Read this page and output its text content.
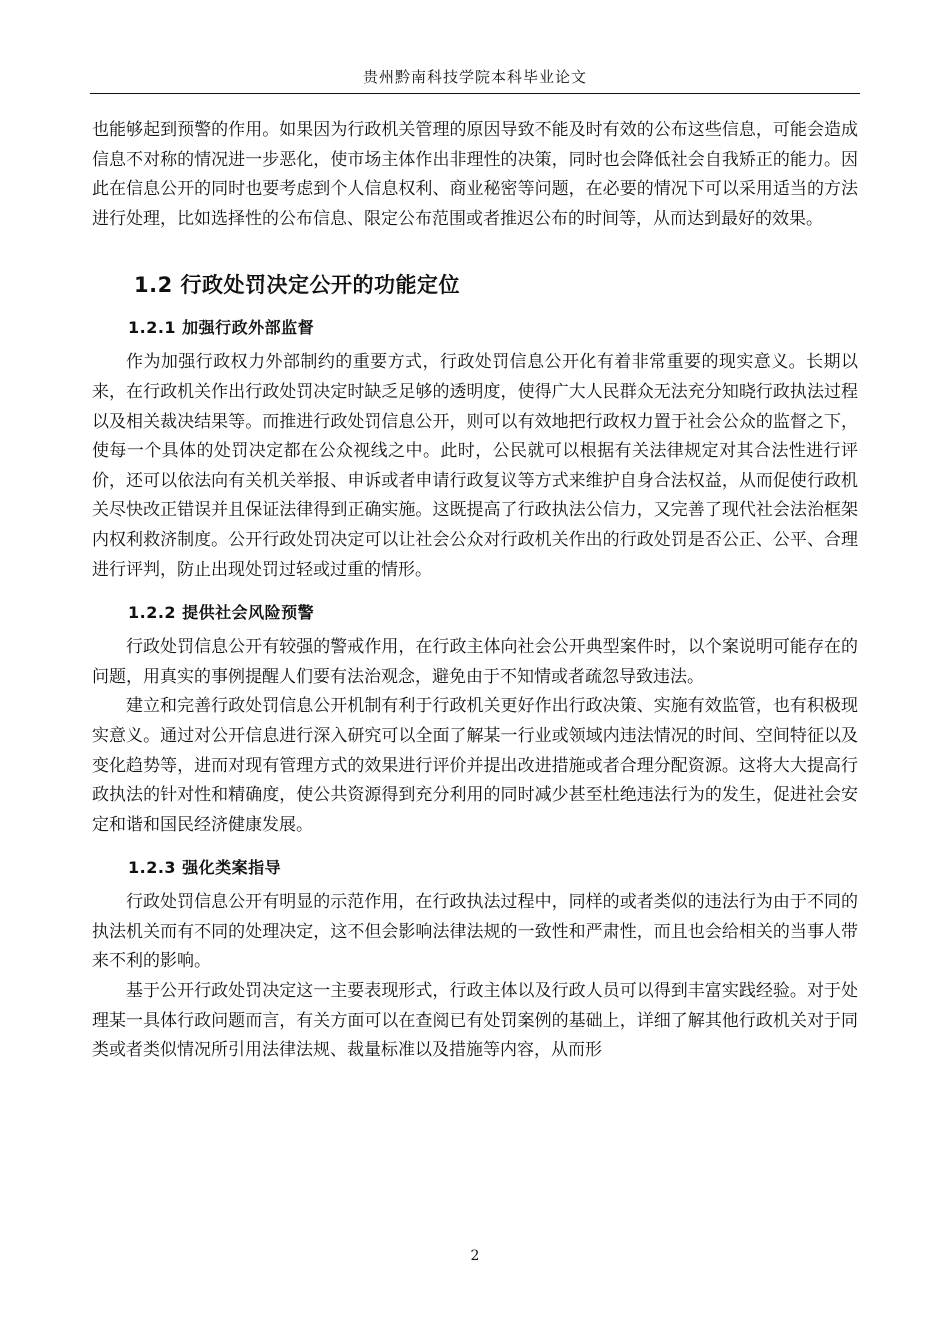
贵州黔南科技学院本科毕业论文

也能够起到预警的作用。如果因为行政机关管理的原因导致不能及时有效的公布这些信息，可能会造成信息不对称的情况进一步恶化，使市场主体作出非理性的决策，同时也会降低社会自我矫正的能力。因此在信息公开的同时也要考虑到个人信息权利、商业秘密等问题，在必要的情况下可以采用适当的方法进行处理，比如选择性的公布信息、限定公布范围或者推迟公布的时间等，从而达到最好的效果。

1.2 行政处罚决定公开的功能定位
1.2.1 加强行政外部监督

作为加强行政权力外部制约的重要方式，行政处罚信息公开化有着非常重要的现实意义。长期以来，在行政机关作出行政处罚决定时缺乏足够的透明度，使得广大人民群众无法充分知晓行政执法过程以及相关裁决结果等。而推进行政处罚信息公开，则可以有效地把行政权力置于社会公众的监督之下，使每一个具体的处罚决定都在公众视线之中。此时，公民就可以根据有关法律规定对其合法性进行评价，还可以依法向有关机关举报、申诉或者申请行政复议等方式来维护自身合法权益，从而促使行政机关尽快改正错误并且保证法律得到正确实施。这既提高了行政执法公信力，又完善了现代社会法治框架内权利救济制度。公开行政处罚决定可以让社会公众对行政机关作出的行政处罚是否公正、公平、合理进行评判，防止出现处罚过轻或过重的情形。

1.2.2 提供社会风险预警

行政处罚信息公开有较强的警戒作用，在行政主体向社会公开典型案件时，以个案说明可能存在的问题，用真实的事例提醒人们要有法治观念，避免由于不知情或者疏忽导致违法。

建立和完善行政处罚信息公开机制有利于行政机关更好作出行政决策、实施有效监管，也有积极现实意义。通过对公开信息进行深入研究可以全面了解某一行业或领域内违法情况的时间、空间特征以及变化趋势等，进而对现有管理方式的效果进行评价并提出改进措施或者合理分配资源。这将大大提高行政执法的针对性和精确度，使公共资源得到充分利用的同时减少甚至杜绝违法行为的发生，促进社会安定和谐和国民经济健康发展。

1.2.3 强化类案指导

行政处罚信息公开有明显的示范作用，在行政执法过程中，同样的或者类似的违法行为由于不同的执法机关而有不同的处理决定，这不但会影响法律法规的一致性和严肃性，而且也会给相关的当事人带来不利的影响。

基于公开行政处罚决定这一主要表现形式，行政主体以及行政人员可以得到丰富实践经验。对于处理某一具体行政问题而言，有关方面可以在查阅已有处罚案例的基础上，详细了解其他行政机关对于同类或者类似情况所引用法律法规、裁量标准以及措施等内容，从而形

2
